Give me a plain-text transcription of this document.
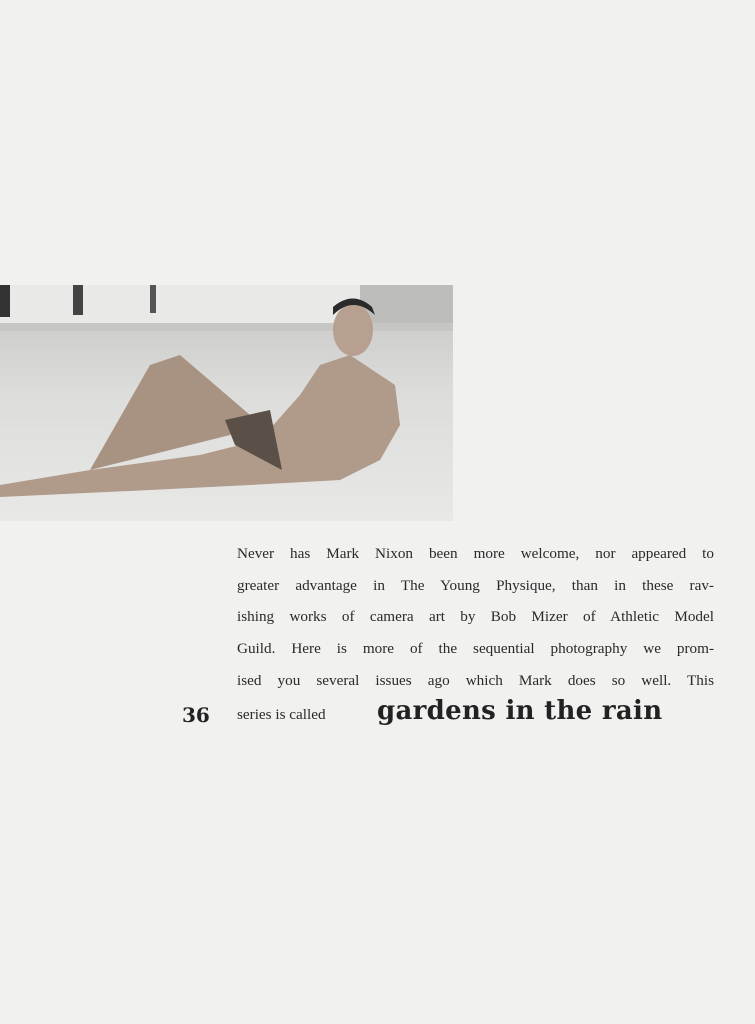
Never has Mark Nixon been more welcome, nor appeared to
greater advantage in The Young Physique, than in these rav-
ishing works of camera art by Bob Mizer of Athletic Model
Guild. Here is more of the sequential photography we prom-
ised you several issues ago which Mark does so well. This
36 series is called gardens in the rain
